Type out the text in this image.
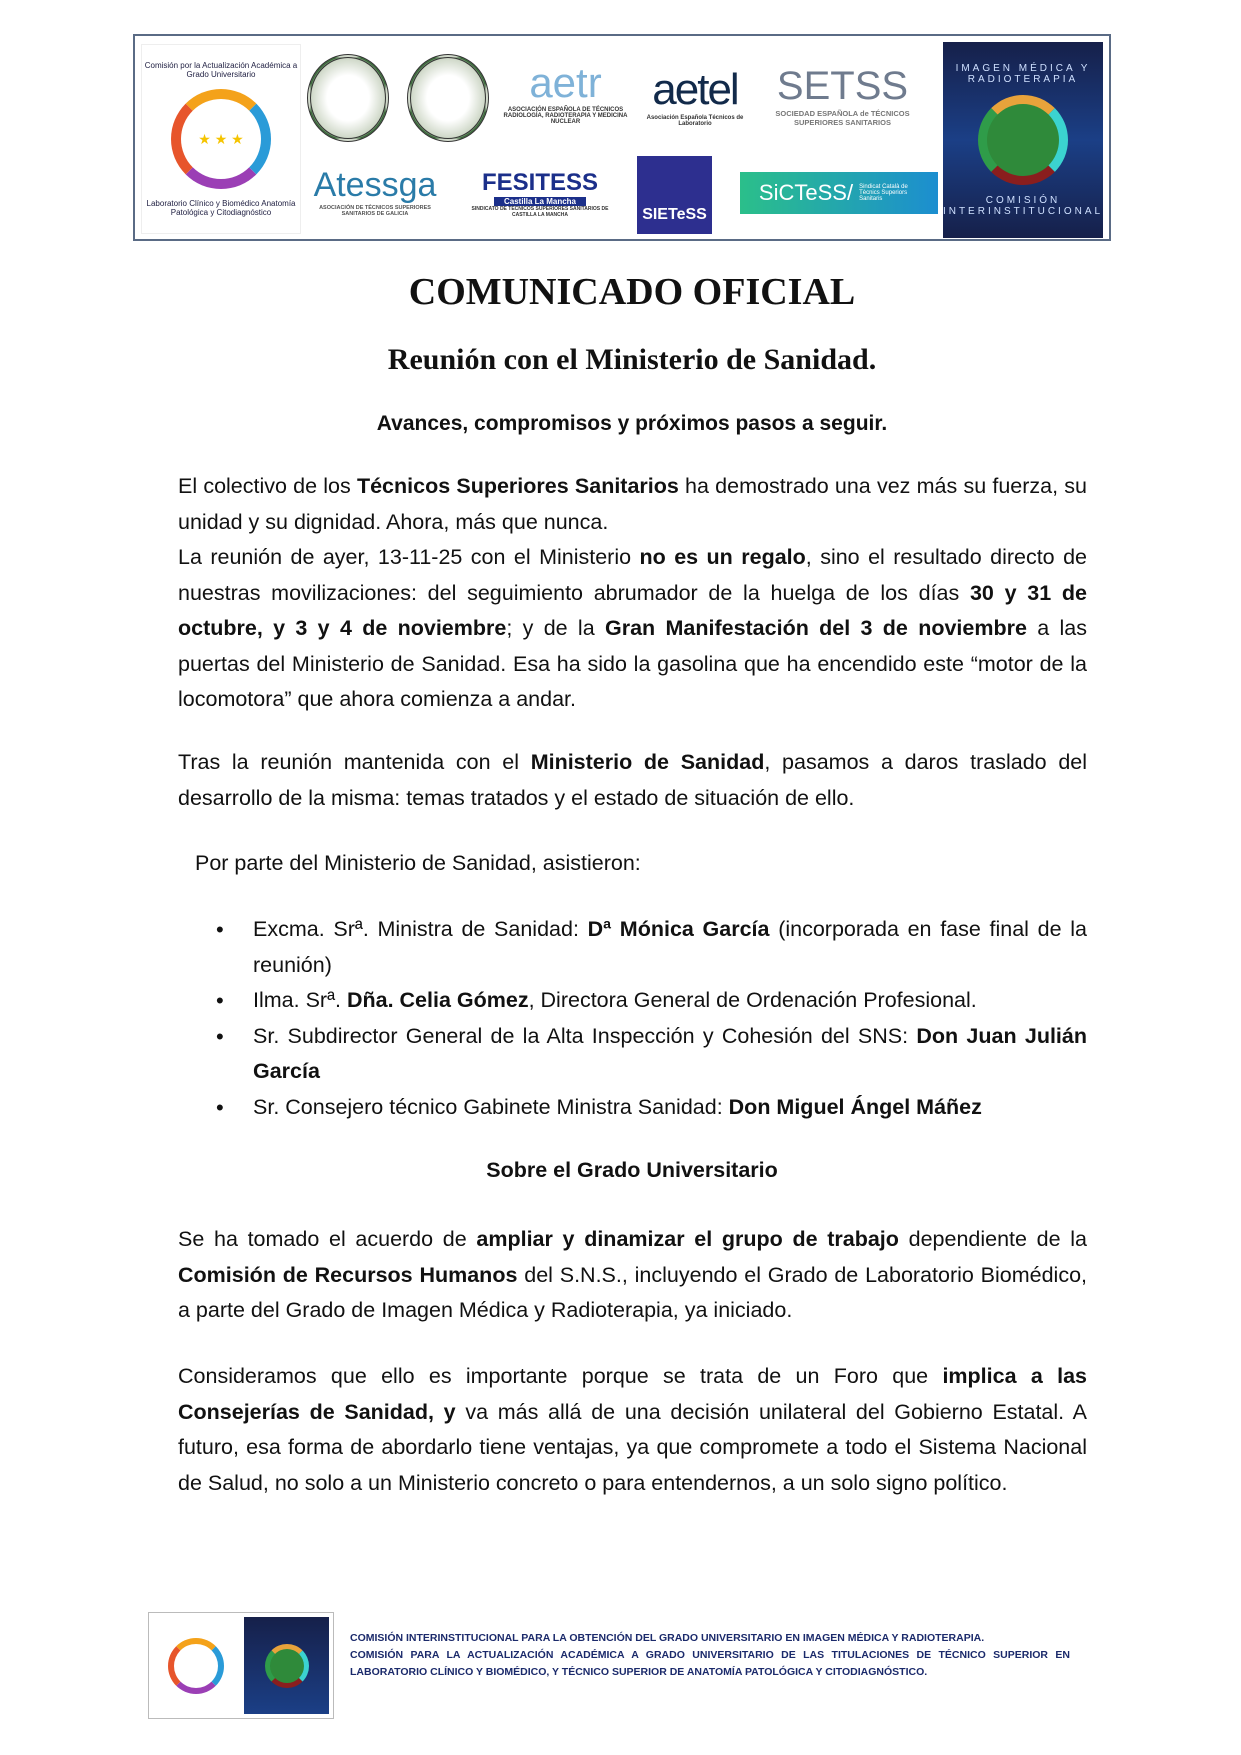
Comisión por la Actualización Académica a Grado Universitario
★ ★ ★
Laboratorio Clínico y Biomédico Anatomía Patológica y Citodiagnóstico
aetr
ASOCIACIÓN ESPAÑOLA DE TÉCNICOS RADIOLOGÍA, RADIOTERAPIA Y MEDICINA NUCLEAR
aetel
Asociación Española Técnicos de Laboratorio
SETSS
SOCIEDAD ESPAÑOLA de TÉCNICOS SUPERIORES SANITARIOS
Atessga
ASOCIACIÓN DE TÉCNICOS SUPERIORES SANITARIOS DE GALICIA
FESITESS
Castilla La Mancha
SINDICATO DE TÉCNICOS SUPERIORES SANITARIOS DE CASTILLA LA MANCHA	SIETeSS
SiCTeSS/ Sindicat Català de Tècnics Superiors Sanitaris
IMAGEN MÉDICA Y RADIOTERAPIA
COMISIÓN INTERINSTITUCIONAL
COMUNICADO OFICIAL
Reunión con el Ministerio de Sanidad.
Avances, compromisos y próximos pasos a seguir.

El colectivo de los Técnicos Superiores Sanitarios ha demostrado una vez más su fuerza, su unidad y su dignidad. Ahora, más que nunca.
La reunión de ayer, 13-11-25 con el Ministerio no es un regalo, sino el resultado directo de nuestras movilizaciones: del seguimiento abrumador de la huelga de los días 30 y 31 de octubre, y 3 y 4 de noviembre; y de la Gran Manifestación del 3 de noviembre a las puertas del Ministerio de Sanidad. Esa ha sido la gasolina que ha encendido este “motor de la locomotora” que ahora comienza a andar.

Tras la reunión mantenida con el Ministerio de Sanidad, pasamos a daros traslado del desarrollo de la misma: temas tratados y el estado de situación de ello.

Por parte del Ministerio de Sanidad, asistieron:

• Excma. Srª. Ministra de Sanidad: Dª Mónica García (incorporada en fase final de la reunión)
• Ilma. Srª. Dña. Celia Gómez, Directora General de Ordenación Profesional.
• Sr. Subdirector General de la Alta Inspección y Cohesión del SNS: Don Juan Julián García
• Sr. Consejero técnico Gabinete Ministra Sanidad: Don Miguel Ángel Máñez
Sobre el Grado Universitario

Se ha tomado el acuerdo de ampliar y dinamizar el grupo de trabajo dependiente de la Comisión de Recursos Humanos del S.N.S., incluyendo el Grado de Laboratorio Biomédico, a parte del Grado de Imagen Médica y Radioterapia, ya iniciado.

Consideramos que ello es importante porque se trata de un Foro que implica a las Consejerías de Sanidad, y va más allá de una decisión unilateral del Gobierno Estatal. A futuro, esa forma de abordarlo tiene ventajas, ya que compromete a todo el Sistema Nacional de Salud, no solo a un Ministerio concreto o para entendernos, a un solo signo político.

COMISIÓN INTERINSTITUCIONAL PARA LA OBTENCIÓN DEL GRADO UNIVERSITARIO EN IMAGEN MÉDICA Y RADIOTERAPIA.
COMISIÓN PARA LA ACTUALIZACIÓN ACADÉMICA A GRADO UNIVERSITARIO DE LAS TITULACIONES DE TÉCNICO SUPERIOR EN LABORATORIO CLÍNICO Y BIOMÉDICO, Y TÉCNICO SUPERIOR DE ANATOMÍA PATOLÓGICA Y CITODIAGNÓSTICO.
